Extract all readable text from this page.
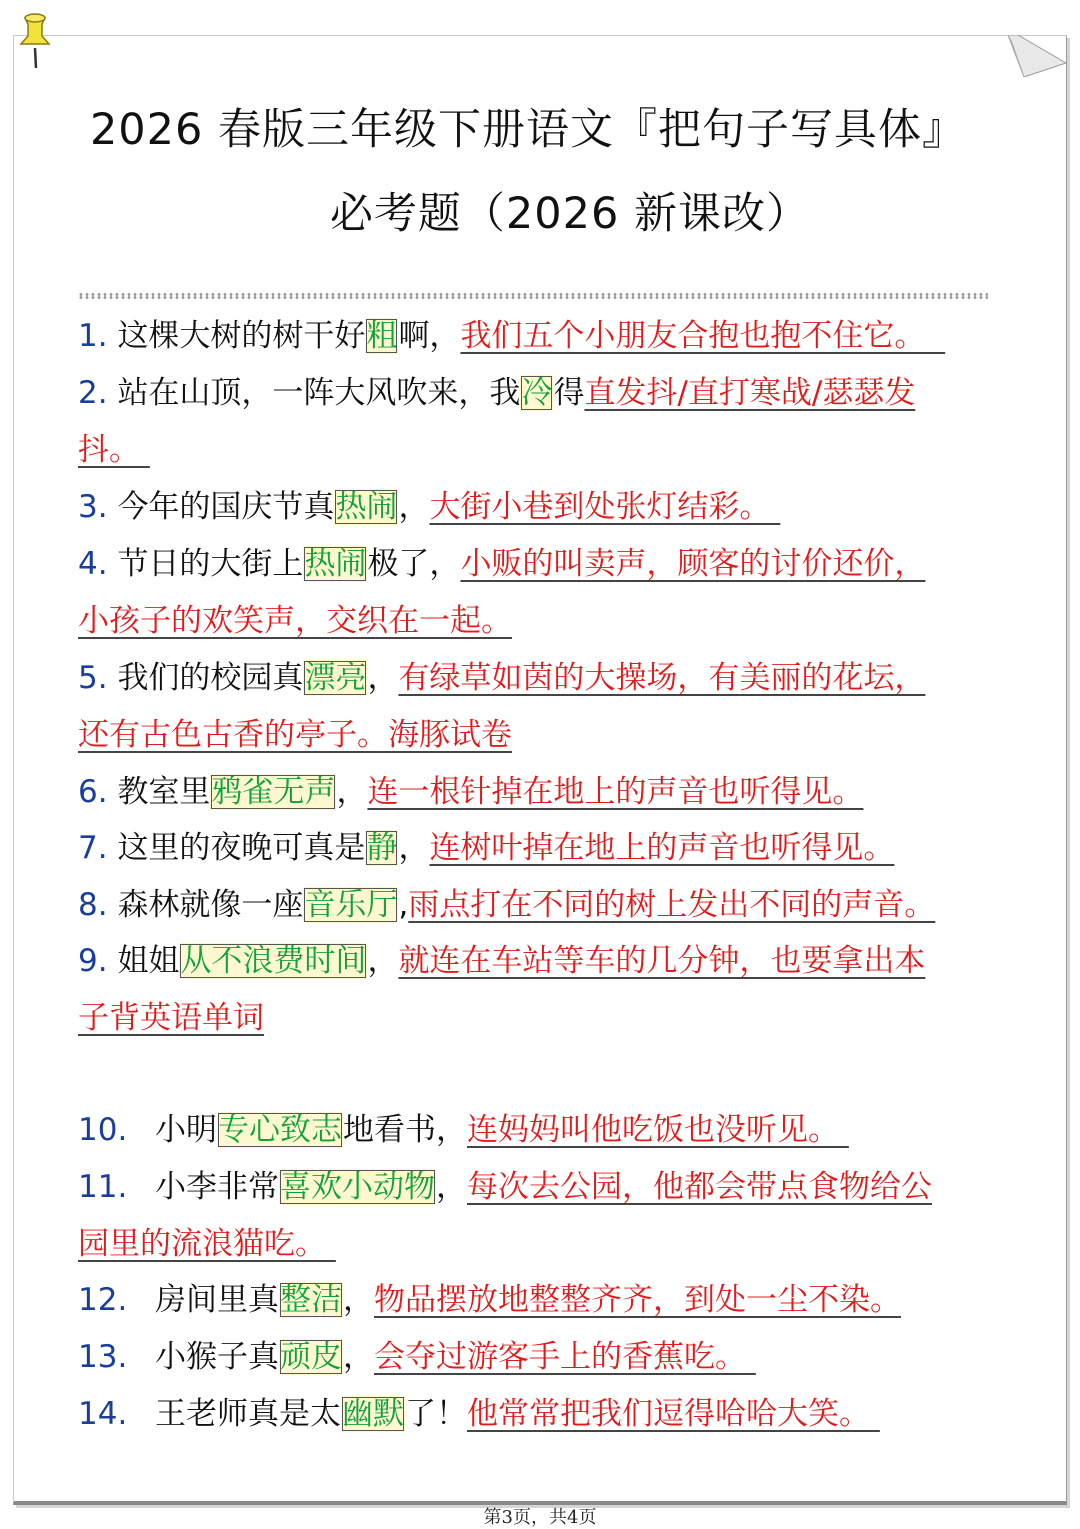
2026 春版三年级下册语文『把句子写具体』
必考题（2026 新课改）
1. 这棵大树的树干好粗啊，我们五个小朋友合抱也抱不住它。
2. 站在山顶，一阵大风吹来，我冷得直发抖/直打寒战/瑟瑟发
抖。
3. 今年的国庆节真热闹，大街小巷到处张灯结彩。
4. 节日的大街上热闹极了，小贩的叫卖声，顾客的讨价还价，
小孩子的欢笑声，交织在一起。
5. 我们的校园真漂亮，有绿草如茵的大操场，有美丽的花坛，
还有古色古香的亭子。海豚试卷
6. 教室里鸦雀无声，连一根针掉在地上的声音也听得见。
7. 这里的夜晚可真是静，连树叶掉在地上的声音也听得见。
8. 森林就像一座音乐厅,雨点打在不同的树上发出不同的声音。
9. 姐姐从不浪费时间，就连在车站等车的几分钟，也要拿出本
子背英语单词
10. 小明专心致志地看书，连妈妈叫他吃饭也没听见。
11. 小李非常喜欢小动物，每次去公园，他都会带点食物给公
园里的流浪猫吃。
12. 房间里真整洁，物品摆放地整整齐齐，到处一尘不染。
13. 小猴子真顽皮，会夺过游客手上的香蕉吃。
14. 王老师真是太幽默了！他常常把我们逗得哈哈大笑。
第3页，共4页
